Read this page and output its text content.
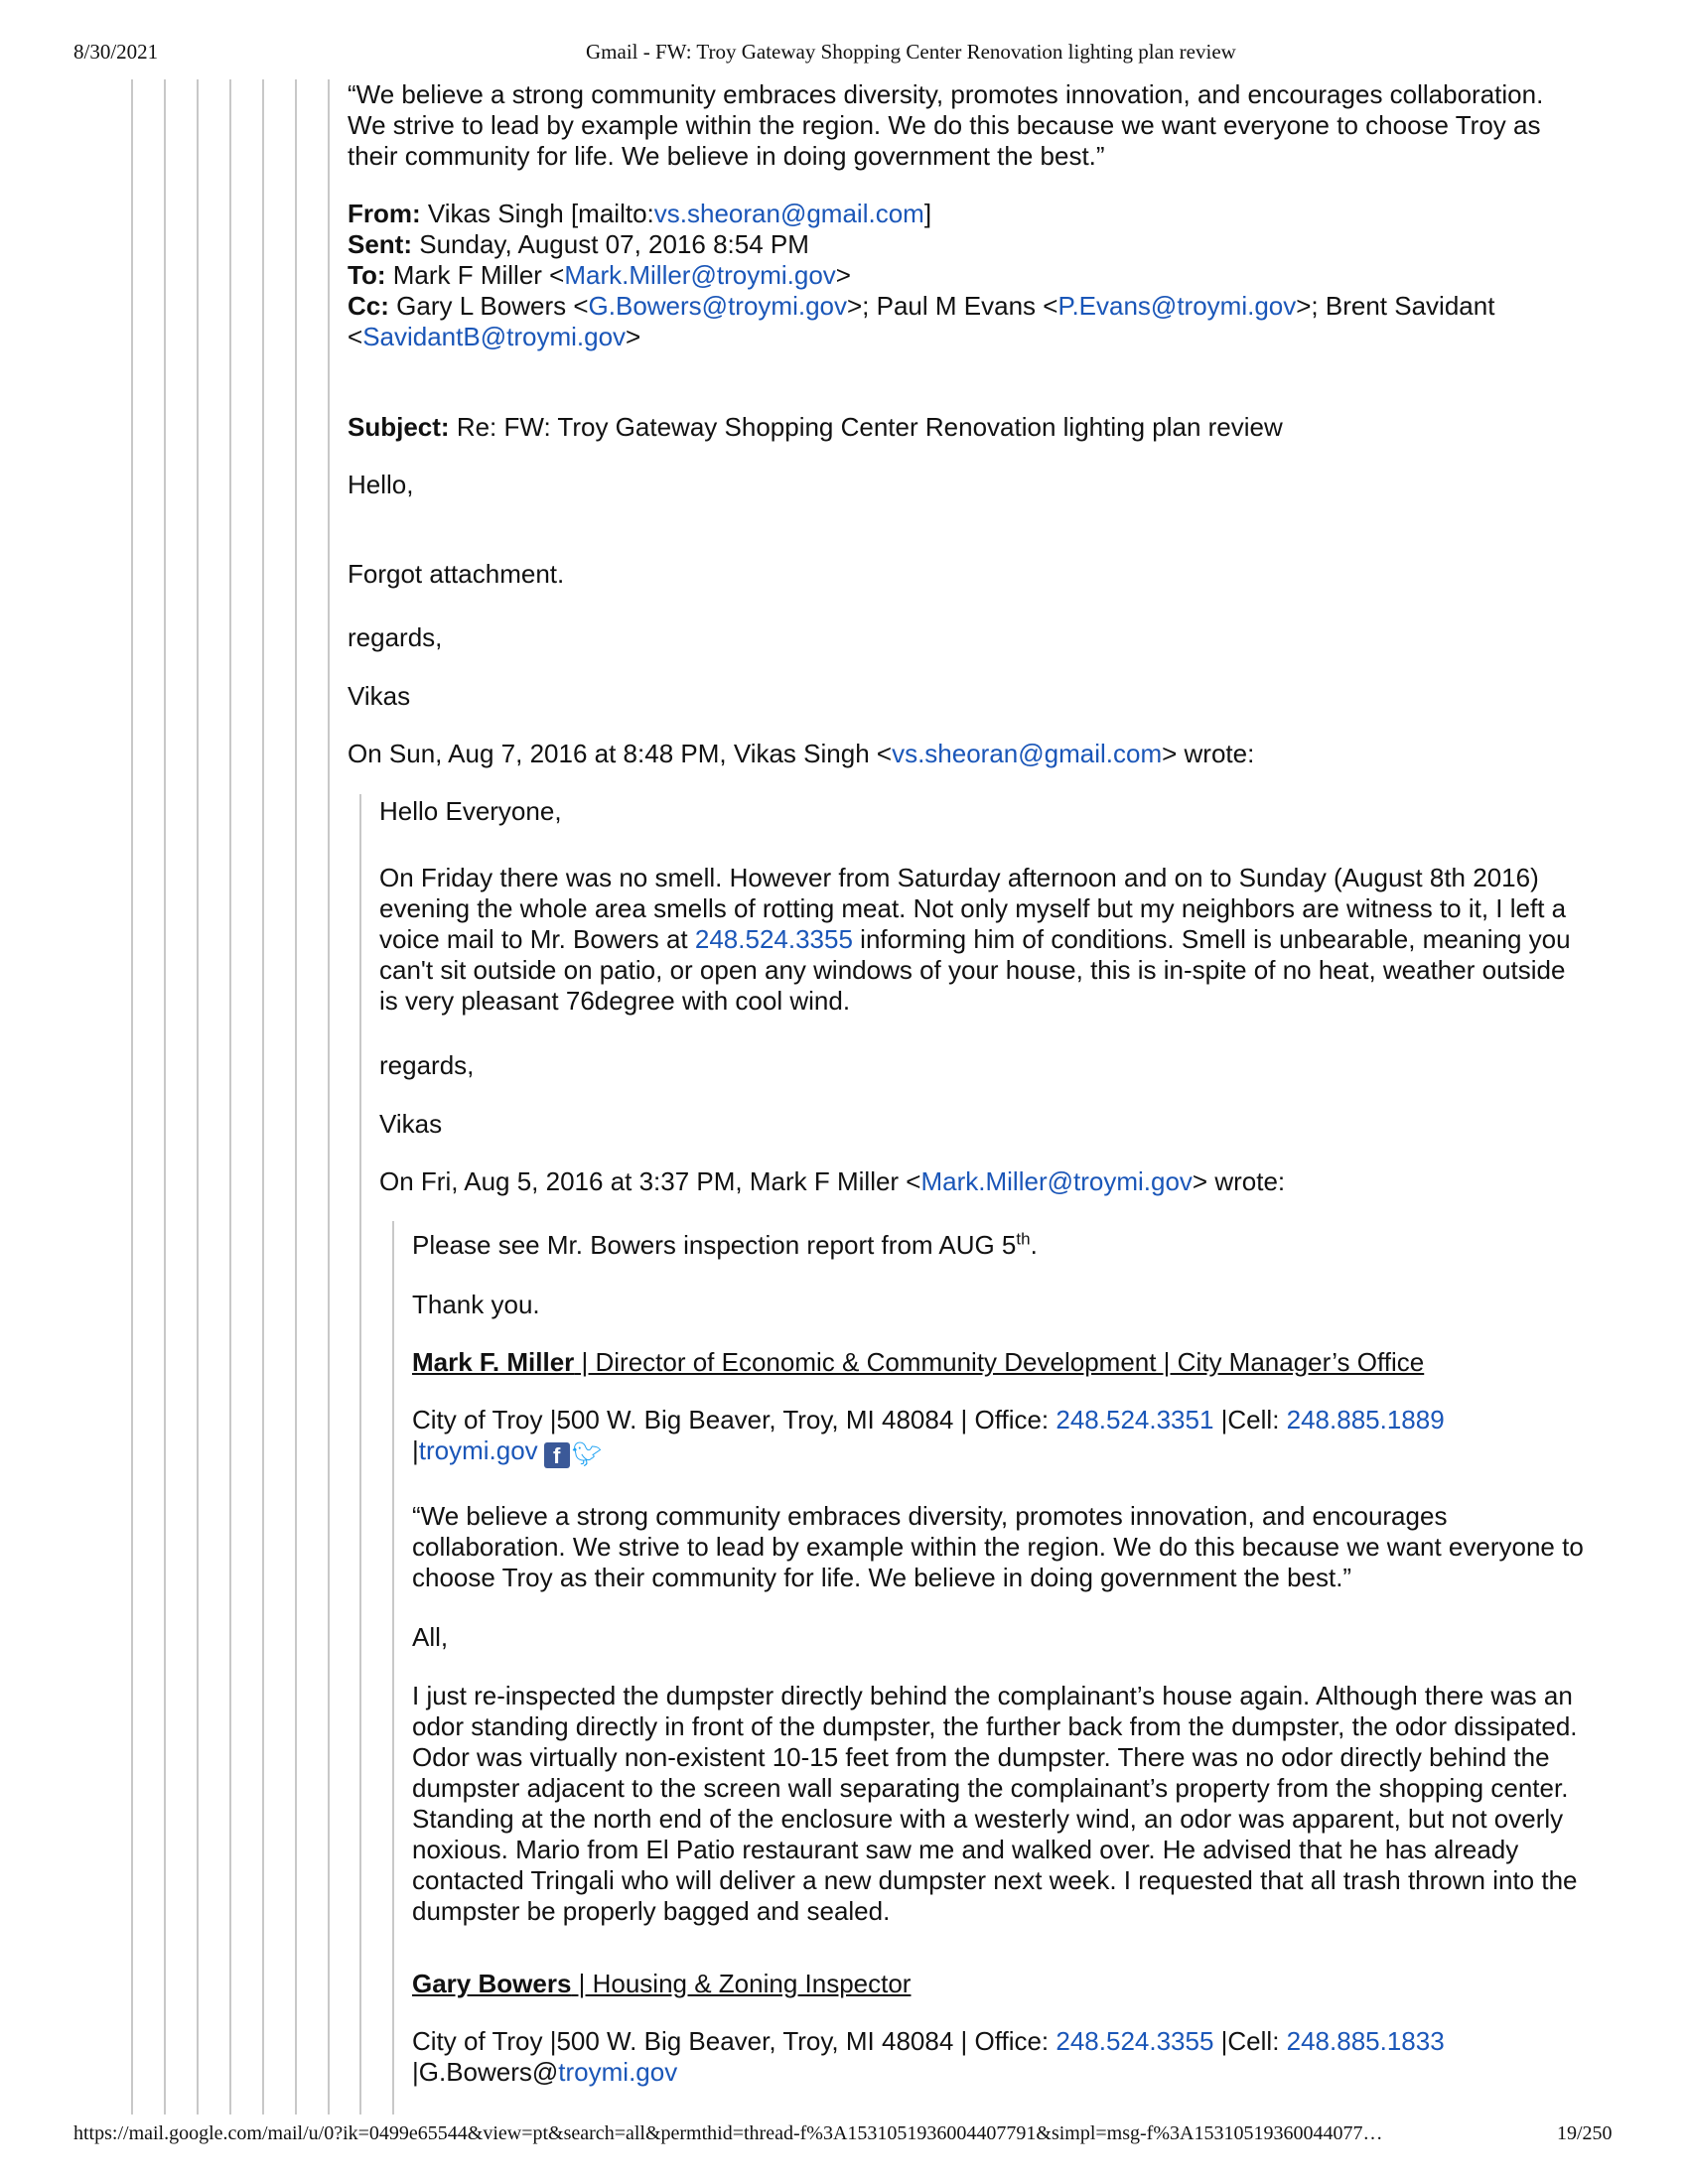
8/30/2021	Gmail - FW: Troy Gateway Shopping Center Renovation lighting plan review
“We believe a strong community embraces diversity, promotes innovation, and encourages collaboration. We strive to lead by example within the region. We do this because we want everyone to choose Troy as their community for life. We believe in doing government the best.”

From: Vikas Singh [mailto:vs.sheoran@gmail.com]

Sent: Sunday, August 07, 2016 8:54 PM

To: Mark F Miller <Mark.Miller@troymi.gov>

Cc: Gary L Bowers <G.Bowers@troymi.gov>; Paul M Evans <P.Evans@troymi.gov>; Brent Savidant
<SavidantB@troymi.gov>

Subject: Re: FW: Troy Gateway Shopping Center Renovation lighting plan review
Hello,
Forgot attachment.
regards,
Vikas
On Sun, Aug 7, 2016 at 8:48 PM, Vikas Singh <vs.sheoran@gmail.com> wrote:
Hello Everyone,
On Friday there was no smell. However from Saturday afternoon and on to Sunday (August 8th 2016) evening the whole area smells of rotting meat. Not only myself but my neighbors are witness to it, I left a voice mail to Mr. Bowers at 248.524.3355 informing him of conditions. Smell is unbearable, meaning you can't sit outside on patio, or open any windows of your house, this is in-spite of no heat, weather outside is very pleasant 76degree with cool wind.
regards,
Vikas
On Fri, Aug 5, 2016 at 3:37 PM, Mark F Miller <Mark.Miller@troymi.gov> wrote:
Please see Mr. Bowers inspection report from AUG 5th.
Thank you.
Mark F. Miller | Director of Economic & Community Development | City Manager’s Office
City of Troy |500 W. Big Beaver, Troy, MI 48084 | Office: 248.524.3351 |Cell: 248.885.1889
|troymi.gov f 🐦︎
“We believe a strong community embraces diversity, promotes innovation, and encourages collaboration. We strive to lead by example within the region. We do this because we want everyone to choose Troy as their community for life. We believe in doing government the best.”
All,
I just re-inspected the dumpster directly behind the complainant’s house again. Although there was an odor standing directly in front of the dumpster, the further back from the dumpster, the odor dissipated. Odor was virtually non-existent 10-15 feet from the dumpster. There was no odor directly behind the dumpster adjacent to the screen wall separating the complainant’s property from the shopping center. Standing at the north end of the enclosure with a westerly wind, an odor was apparent, but not overly noxious. Mario from El Patio restaurant saw me and walked over. He advised that he has already contacted Tringali who will deliver a new dumpster next week. I requested that all trash thrown into the dumpster be properly bagged and sealed.
Gary Bowers | Housing & Zoning Inspector
City of Troy |500 W. Big Beaver, Troy, MI 48084 | Office: 248.524.3355 |Cell: 248.885.1833
|G.Bowers@troymi.gov
https://mail.google.com/mail/u/0?ik=0499e65544&view=pt&search=all&permthid=thread-f%3A1531051936004407791&simpl=msg-f%3A15310519360044077…	19/250
